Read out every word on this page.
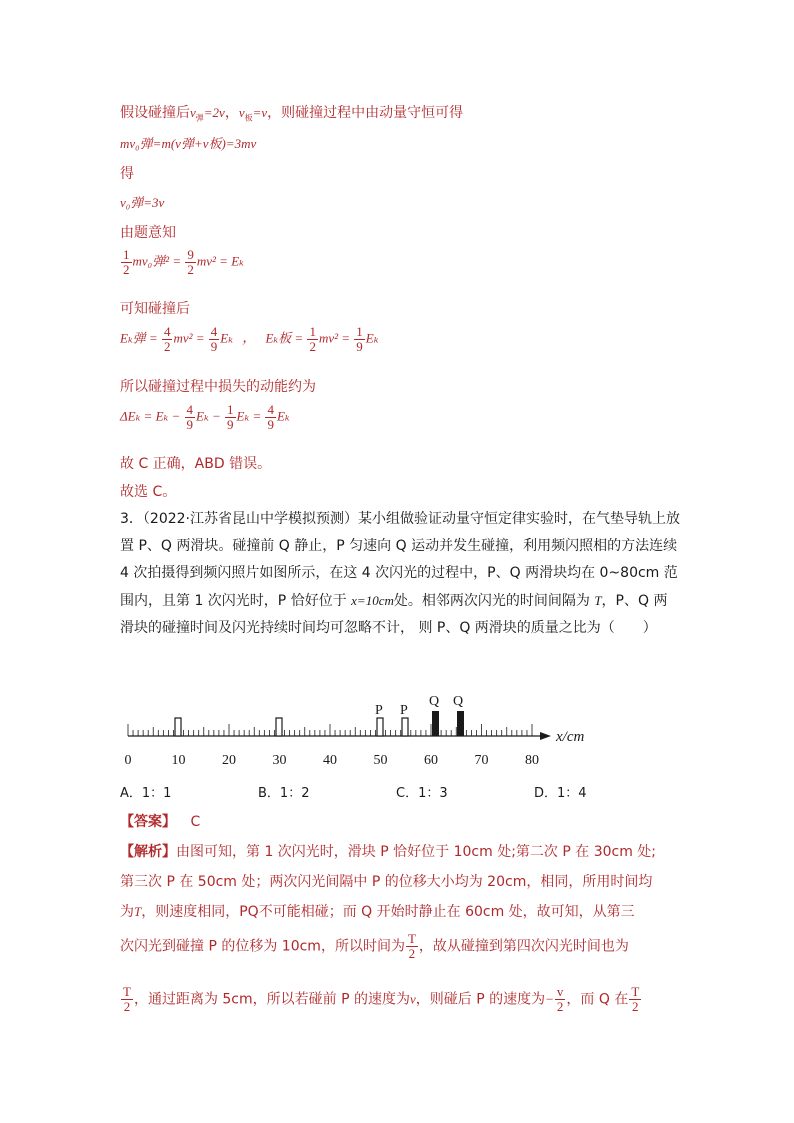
假设碰撞后$v_弹=2v$，$v_板=v$，则碰撞过程中由动量守恒可得
mv₀弹=m(v弹+v板)=3mv
得
v₀弹=3v
由题意知
$\frac{1}{2} mv_0$弹$^2 = \frac{9}{2} mv^2 = E_k$
可知碰撞后
Eₖ弹 = $\frac{4}{2} mv^2 = \frac{4}{9}$ Eₖ ， Eₖ板 = $\frac{1}{2} mv^2 = \frac{1}{9}$ Eₖ
所以碰撞过程中损失的动能约为
$\Delta E_k = E_k - \frac{4}{9}$ $E_k - \frac{1}{9}$ $E_k = \frac{4}{9}$ Eₖ
故 C 正确，ABD 错误。
故选 C。
3．（2022·江苏省昆山中学模拟预测）某小组做验证动量守恒定律实验时，在气垫导轨上放置 P、Q 两滑块。碰撞前 Q 静止，P 匀速向 Q 运动并发生碰撞，利用频闪照相的方法连续 4 次拍摄得到频闪照片如图所示，在这 4 次闪光的过程中，P、Q 两滑块均在 0~80cm 范围内，且第 1 次闪光时，P 恰好位于 x=10cm处。相邻两次闪光的时间间隔为 T，P、Q 两滑块的碰撞时间及闪光持续时间均可忽略不计， 则 P、Q 两滑块的质量之比为（　　）
x/cm
P P
Q Q
0	10	20	30	40	50	60	70	80
A．1：1	B．1：2	C．1：3	D．1：4
【答案】 C
【解析】由图可知，第 1 次闪光时，滑块 P 恰好位于 10cm 处;第二次 P 在 30cm 处;
第三次 P 在 50cm 处；两次闪光间隔中 P 的位移大小均为 20cm，相同，所用时间均
为T，则速度相同，PQ不可能相碰；而 Q 开始时静止在 60cm 处，故可知，从第三
次闪光到碰撞 P 的位移为 10cm，所以时间为 $\frac{T}{2}$ ，故从碰撞到第四次闪光时间也为
$\frac{T}{2}$ ，通过距离为 5cm，所以若碰前 P 的速度为v，则碰后 P 的速度为− $\frac{v}{2}$ ，而 Q 在 $\frac{T}{2}$
